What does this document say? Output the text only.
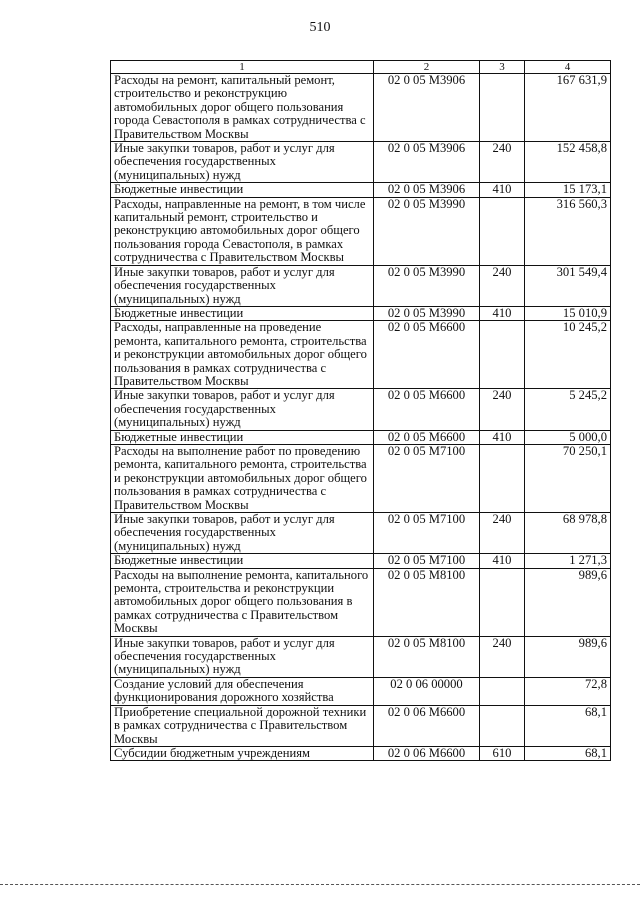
510
1	2	3	4
Расходы на ремонт, капитальный ремонт, строительство и реконструкцию автомобильных дорог общего пользования города Севастополя в рамках сотрудничества с Правительством Москвы	02 0 05 М3906		167 631,9
Иные закупки товаров, работ и услуг для обеспечения государственных (муниципальных) нужд	02 0 05 М3906	240	152 458,8
Бюджетные инвестиции	02 0 05 М3906	410	15 173,1
Расходы, направленные на ремонт, в том числе капитальный ремонт, строительство и реконструкцию автомобильных дорог общего пользования города Севастополя, в рамках сотрудничества с Правительством Москвы	02 0 05 М3990		316 560,3
Иные закупки товаров, работ и услуг для обеспечения государственных (муниципальных) нужд	02 0 05 М3990	240	301 549,4
Бюджетные инвестиции	02 0 05 М3990	410	15 010,9
Расходы, направленные на проведение ремонта, капитального ремонта, строительства и реконструкции автомобильных дорог общего пользования в рамках сотрудничества с Правительством Москвы	02 0 05 М6600		10 245,2
Иные закупки товаров, работ и услуг для обеспечения государственных (муниципальных) нужд	02 0 05 М6600	240	5 245,2
Бюджетные инвестиции	02 0 05 М6600	410	5 000,0
Расходы на выполнение работ по проведению ремонта, капитального ремонта, строительства и реконструкции автомобильных дорог общего пользования в рамках сотрудничества с Правительством Москвы	02 0 05 М7100		70 250,1
Иные закупки товаров, работ и услуг для обеспечения государственных (муниципальных) нужд	02 0 05 М7100	240	68 978,8
Бюджетные инвестиции	02 0 05 М7100	410	1 271,3
Расходы на выполнение ремонта, капитального ремонта, строительства и реконструкции автомобильных дорог общего пользования в рамках сотрудничества с Правительством Москвы	02 0 05 М8100		989,6
Иные закупки товаров, работ и услуг для обеспечения государственных (муниципальных) нужд	02 0 05 М8100	240	989,6
Создание условий для обеспечения функционирования дорожного хозяйства	02 0 06 00000		72,8
Приобретение специальной дорожной техники в рамках сотрудничества с Правительством Москвы	02 0 06 М6600		68,1
Субсидии бюджетным учреждениям	02 0 06 М6600	610	68,1
